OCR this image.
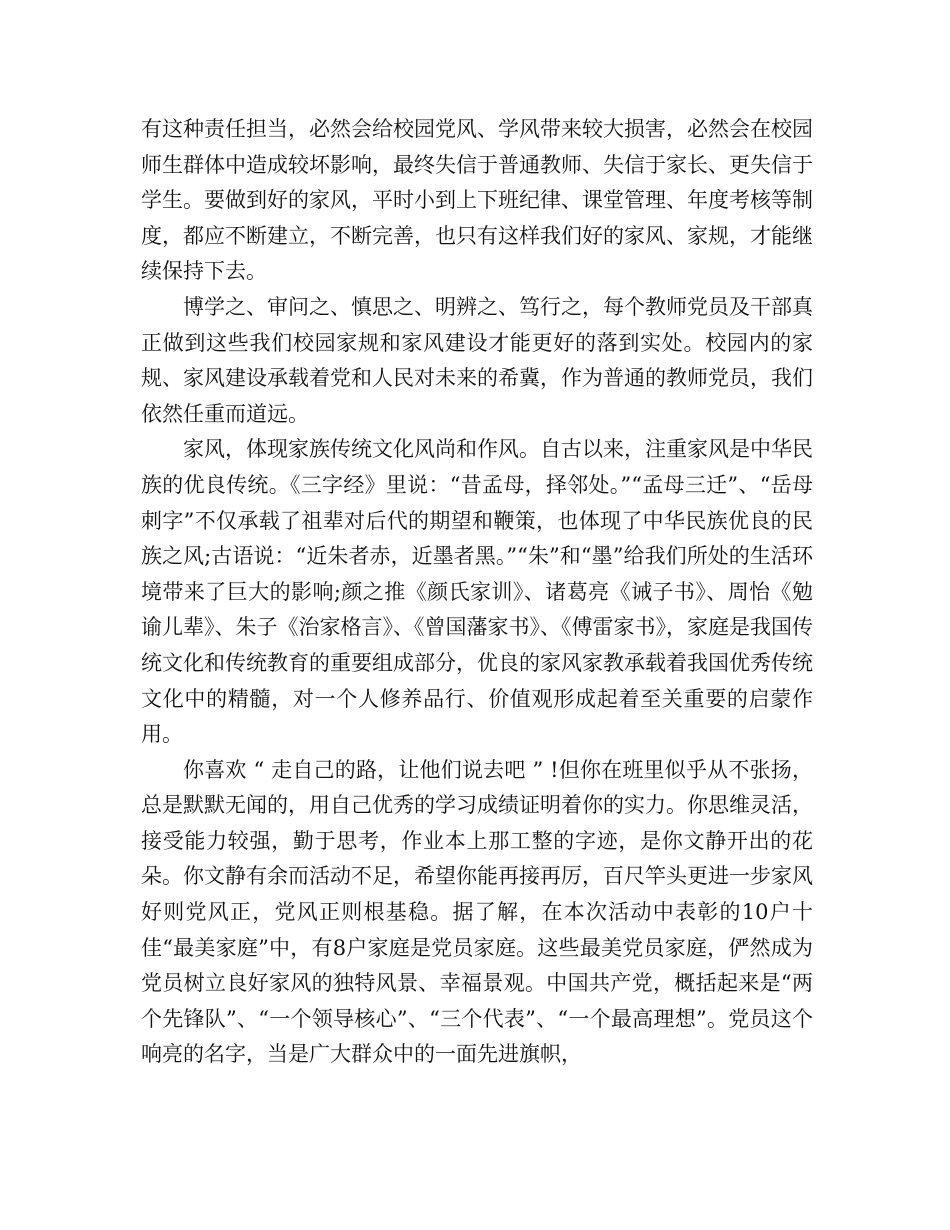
有这种责任担当，必然会给校园党风、学风带来较大损害，必然会在校园师生群体中造成较坏影响，最终失信于普通教师、失信于家长、更失信于学生。要做到好的家风，平时小到上下班纪律、课堂管理、年度考核等制度，都应不断建立，不断完善，也只有这样我们好的家风、家规，才能继续保持下去。

博学之、审问之、慎思之、明辨之、笃行之，每个教师党员及干部真正做到这些我们校园家规和家风建设才能更好的落到实处。校园内的家规、家风建设承载着党和人民对未来的希冀，作为普通的教师党员，我们依然任重而道远。

家风，体现家族传统文化风尚和作风。自古以来，注重家风是中华民族的优良传统。《三字经》里说：“昔孟母，择邻处。”“孟母三迁”、“岳母刺字”不仅承载了祖辈对后代的期望和鞭策，也体现了中华民族优良的民族之风;古语说：“近朱者赤，近墨者黑。”“朱”和“墨”给我们所处的生活环境带来了巨大的影响;颜之推《颜氏家训》、诸葛亮《诫子书》、周怡《勉谕儿辈》、朱子《治家格言》、《曾国藩家书》、《傅雷家书》，家庭是我国传统文化和传统教育的重要组成部分，优良的家风家教承载着我国优秀传统文化中的精髓，对一个人修养品行、价值观形成起着至关重要的启蒙作用。

你喜欢 “ 走自己的路，让他们说去吧 ” !但你在班里似乎从不张扬，总是默默无闻的，用自己优秀的学习成绩证明着你的实力。你思维灵活，接受能力较强，勤于思考，作业本上那工整的字迹，是你文静开出的花朵。你文静有余而活动不足，希望你能再接再厉，百尺竿头更进一步家风好则党风正，党风正则根基稳。据了解，在本次活动中表彰的10户十佳“最美家庭”中，有8户家庭是党员家庭。这些最美党员家庭，俨然成为党员树立良好家风的独特风景、幸福景观。中国共产党，概括起来是“两个先锋队”、“一个领导核心”、“三个代表”、“一个最高理想”。党员这个响亮的名字，当是广大群众中的一面先进旗帜，
